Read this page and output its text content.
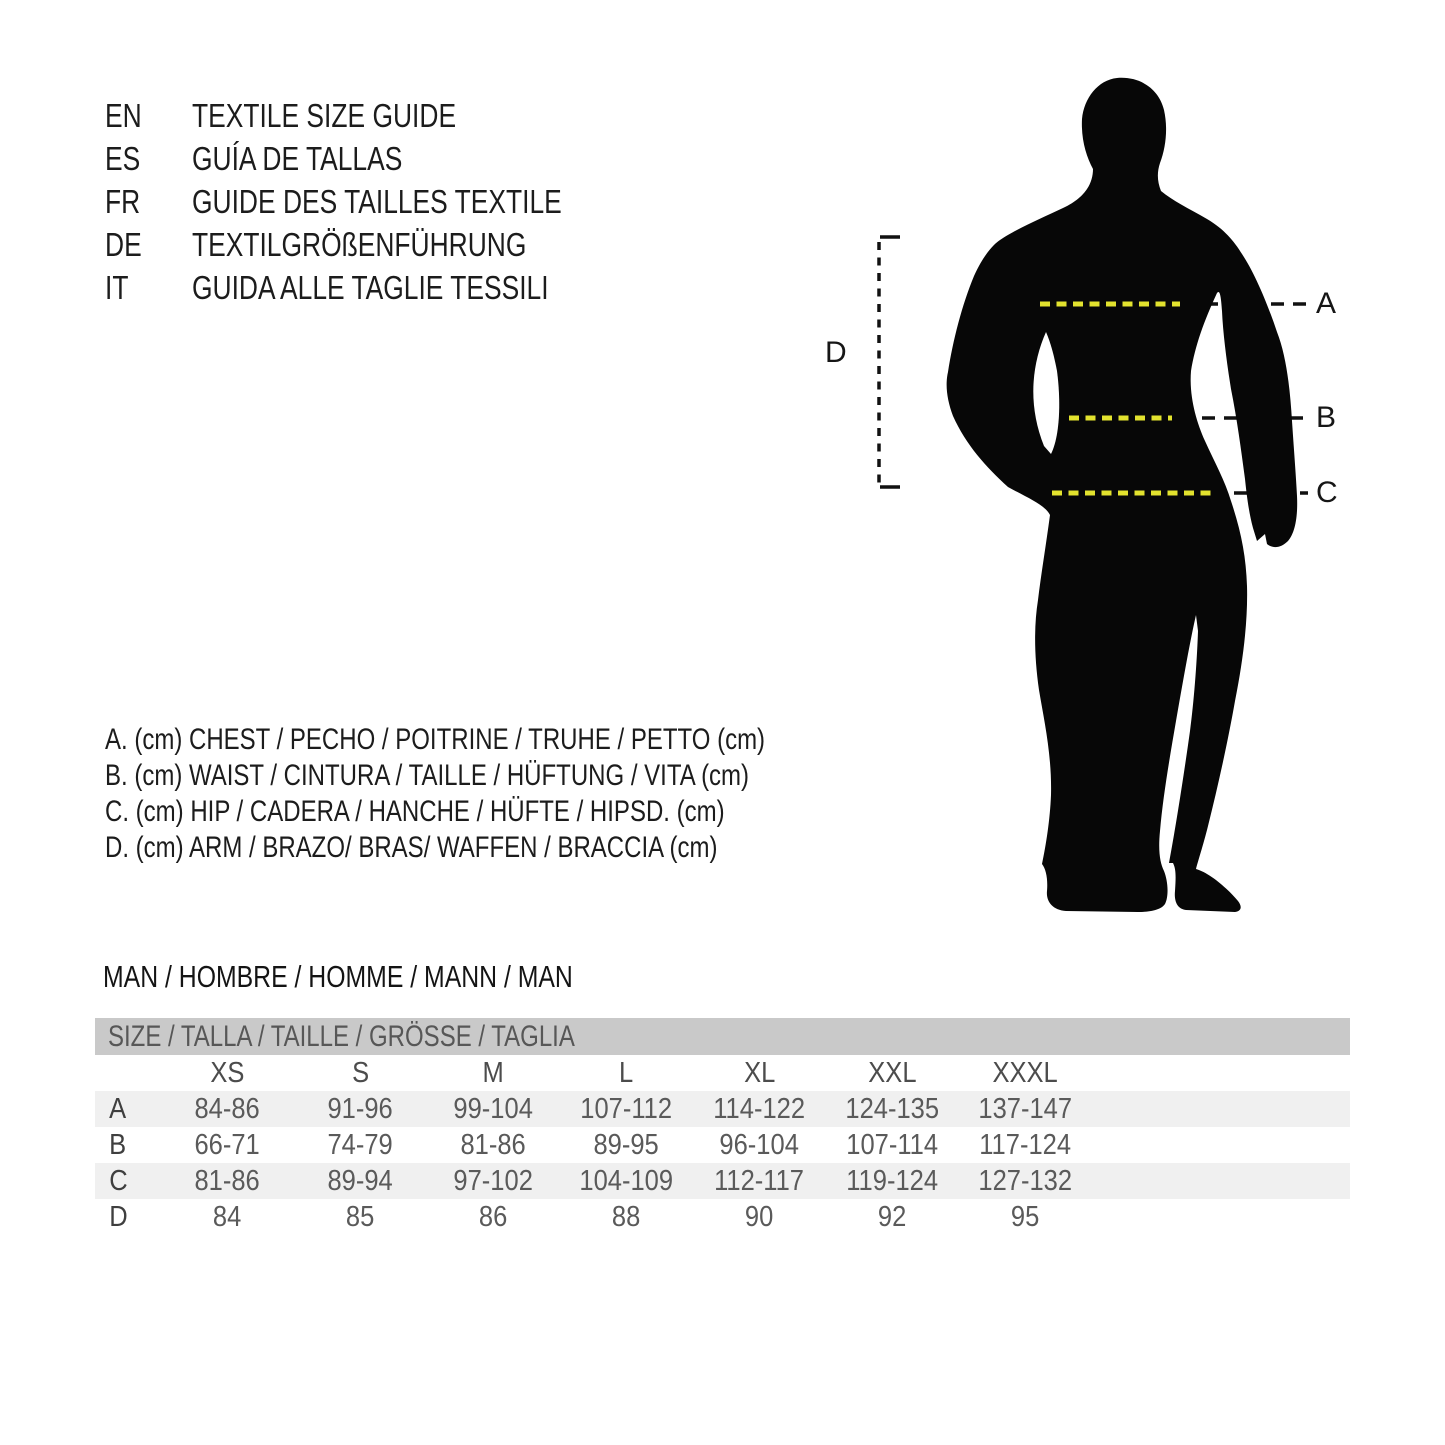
EN	TEXTILE SIZE GUIDE
ES	GUÍA DE TALLAS
FR	GUIDE DES TAILLES TEXTILE
DE	TEXTILGRÖßENFÜHRUNG
IT	GUIDA ALLE TAGLIE TESSILI	A
B
C
D
A. (cm) CHEST / PECHO / POITRINE / TRUHE / PETTO (cm)
B. (cm) WAIST / CINTURA / TAILLE / HÜFTUNG / VITA (cm)
C. (cm) HIP / CADERA / HANCHE / HÜFTE / HIPSD. (cm)
D. (cm) ARM / BRAZO/ BRAS/ WAFFEN / BRACCIA (cm)
MAN / HOMBRE / HOMME / MANN / MAN
SIZE / TALLA / TAILLE / GRÖSSE / TAGLIA
XS	S	M	L	XL	XXL	XXXL
A	84-86	91-96	99-104	107-112	114-122	124-135	137-147
B	66-71	74-79	81-86	89-95	96-104	107-114	117-124
C	81-86	89-94	97-102	104-109	112-117	119-124	127-132
D	84	85	86	88	90	92	95
